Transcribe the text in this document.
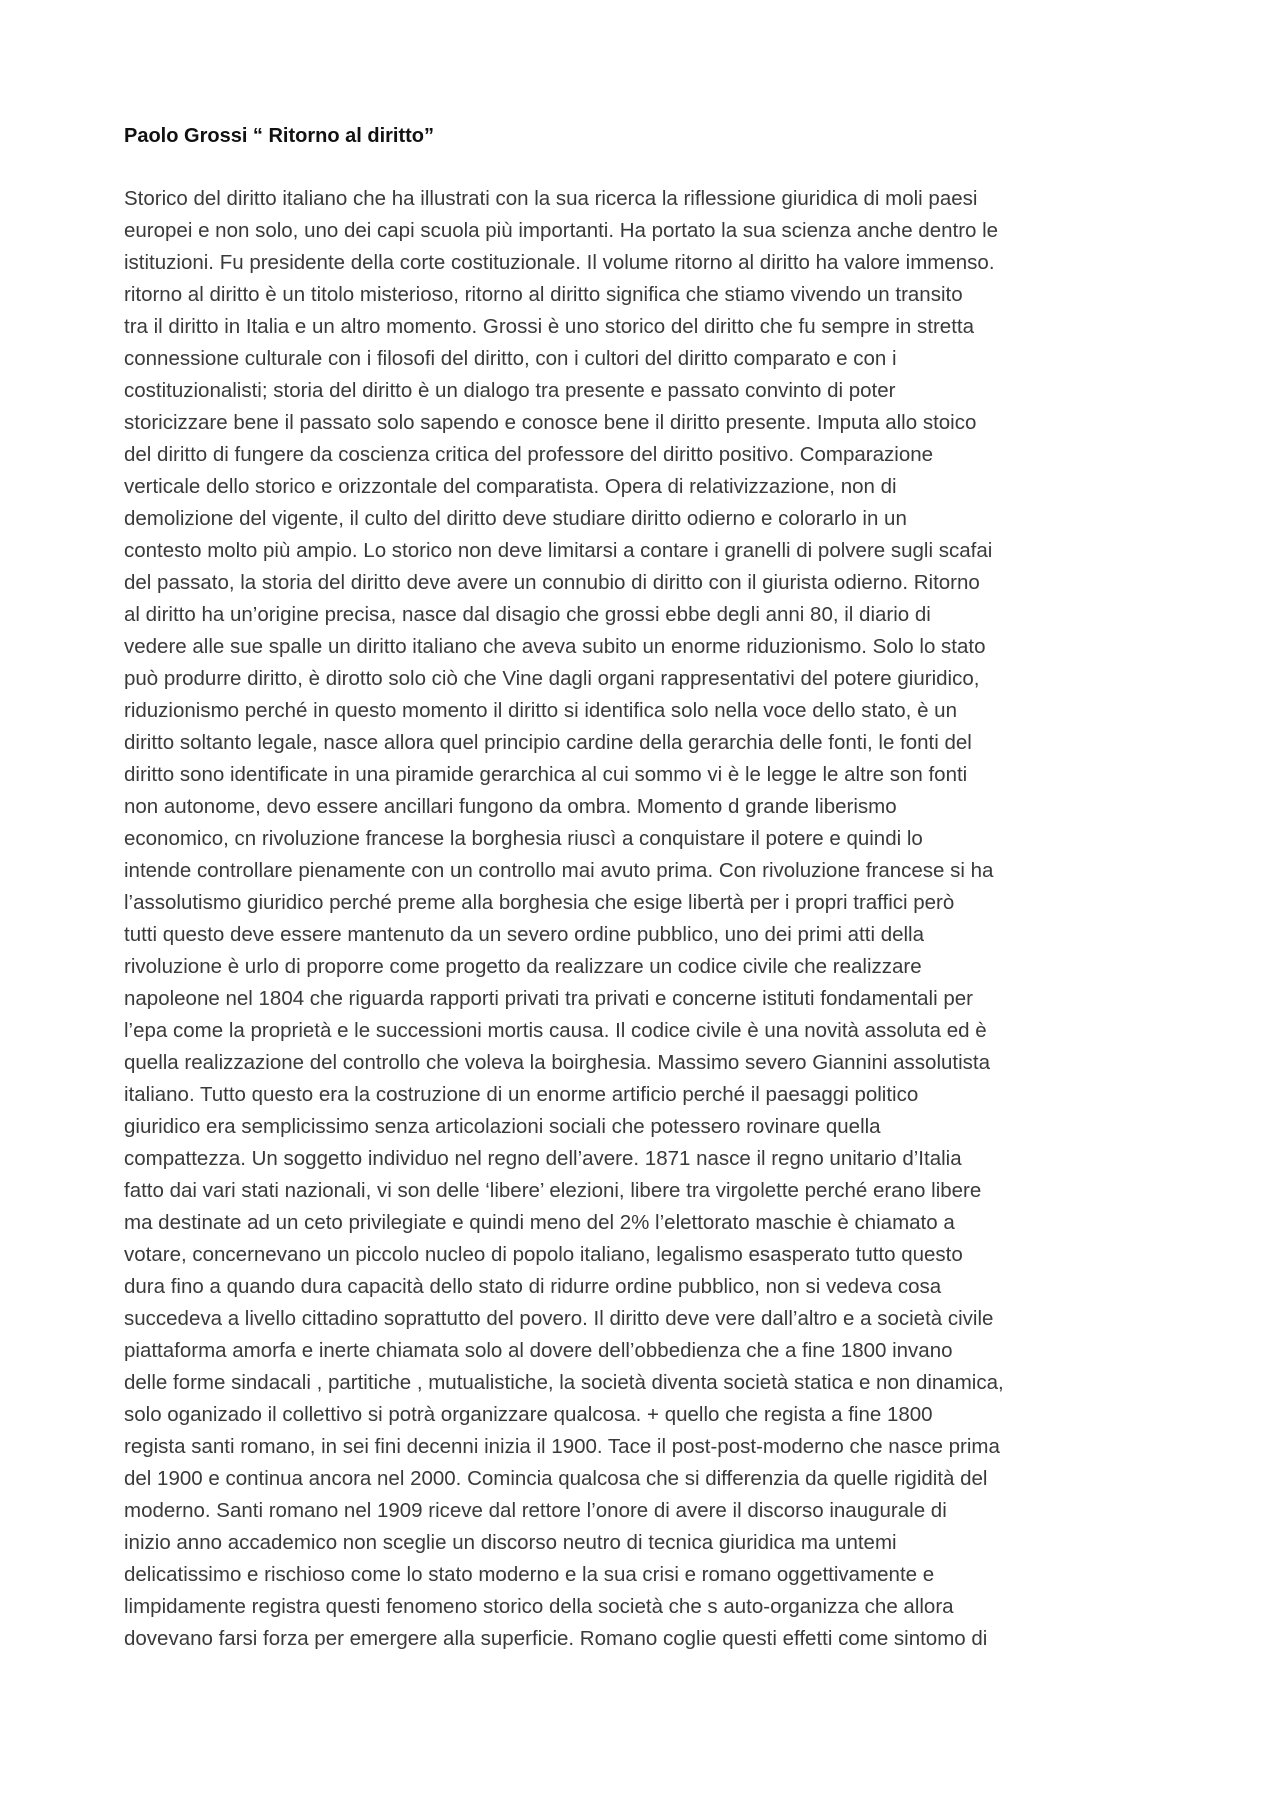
Paolo Grossi “ Ritorno al diritto”
Storico del diritto italiano che ha illustrati con la sua ricerca la riflessione giuridica di moli paesi
europei e non solo, uno dei capi scuola più importanti. Ha portato la sua scienza anche dentro le
istituzioni. Fu presidente della corte costituzionale. Il volume ritorno al diritto ha valore immenso.
ritorno al diritto è un titolo misterioso, ritorno al diritto significa che stiamo vivendo un transito
tra il diritto in Italia e un altro momento. Grossi è uno storico del diritto che fu sempre in stretta
connessione culturale con i filosofi del diritto, con i cultori del diritto comparato e con i
costituzionalisti; storia del diritto è un dialogo tra presente e passato convinto di poter
storicizzare bene il passato solo sapendo e conosce bene il diritto presente. Imputa allo stoico
del diritto di fungere da coscienza critica del professore del diritto positivo. Comparazione
verticale dello storico e orizzontale del comparatista. Opera di relativizzazione, non di
demolizione del vigente, il culto del diritto deve studiare diritto odierno e colorarlo in un
contesto molto più ampio. Lo storico non deve limitarsi a contare i granelli di polvere sugli scafai
del passato, la storia del diritto deve avere un connubio di diritto con il giurista odierno. Ritorno
al diritto ha un’origine precisa, nasce dal disagio che grossi ebbe degli anni 80, il diario di
vedere alle sue spalle un diritto italiano che aveva subito un enorme riduzionismo. Solo lo stato
può produrre diritto, è dirotto solo ciò che Vine dagli organi rappresentativi del potere giuridico,
riduzionismo perché in questo momento il diritto si identifica solo nella voce dello stato, è un
diritto soltanto legale, nasce allora quel principio cardine della gerarchia delle fonti, le fonti del
diritto sono identificate in una piramide gerarchica al cui sommo vi è le legge le altre son fonti
non autonome, devo essere ancillari fungono da ombra. Momento d grande liberismo
economico, cn rivoluzione francese la borghesia riuscì a conquistare il potere e quindi lo
intende controllare pienamente con un controllo mai avuto prima. Con rivoluzione francese si ha
l’assolutismo giuridico perché preme alla borghesia che esige libertà per i propri traffici però
tutti questo deve essere mantenuto da un severo ordine pubblico, uno dei primi atti della
rivoluzione è urlo di proporre come progetto da realizzare un codice civile che realizzare
napoleone nel 1804 che riguarda rapporti privati tra privati e concerne istituti fondamentali per
l’epa come la proprietà e le successioni mortis causa. Il codice civile è una novità assoluta ed è
quella realizzazione del controllo che voleva la boirghesia. Massimo severo Giannini assolutista
italiano. Tutto questo era la costruzione di un enorme artificio perché il paesaggi politico
giuridico era semplicissimo senza articolazioni sociali che potessero rovinare quella
compattezza. Un soggetto individuo nel regno dell’avere. 1871 nasce il regno unitario d’Italia
fatto dai vari stati nazionali, vi son delle ‘libere’ elezioni, libere tra virgolette perché erano libere
ma destinate ad un ceto privilegiate e quindi meno del 2% l’elettorato maschie è chiamato a
votare, concernevano un piccolo nucleo di popolo italiano, legalismo esasperato tutto questo
dura fino a quando dura capacità dello stato di ridurre ordine pubblico, non si vedeva cosa
succedeva a livello cittadino soprattutto del povero. Il diritto deve vere dall’altro e a società civile
piattaforma amorfa e inerte chiamata solo al dovere dell’obbedienza che a fine 1800 invano
delle forme sindacali , partitiche , mutualistiche, la società diventa società statica e non dinamica,
solo oganizado il collettivo si potrà organizzare qualcosa. + quello che regista a fine 1800
regista santi romano, in sei fini decenni inizia il 1900. Tace il post-post-moderno che nasce prima
del 1900 e continua ancora nel 2000. Comincia qualcosa che si differenzia da quelle rigidità del
moderno. Santi romano nel 1909 riceve dal rettore l’onore di avere il discorso inaugurale di
inizio anno accademico non sceglie un discorso neutro di tecnica giuridica ma untemi
delicatissimo e rischioso come lo stato moderno e la sua crisi e romano oggettivamente e
limpidamente registra questi fenomeno storico della società che s auto-organizza che allora
dovevano farsi forza per emergere alla superficie. Romano coglie questi effetti come sintomo di
